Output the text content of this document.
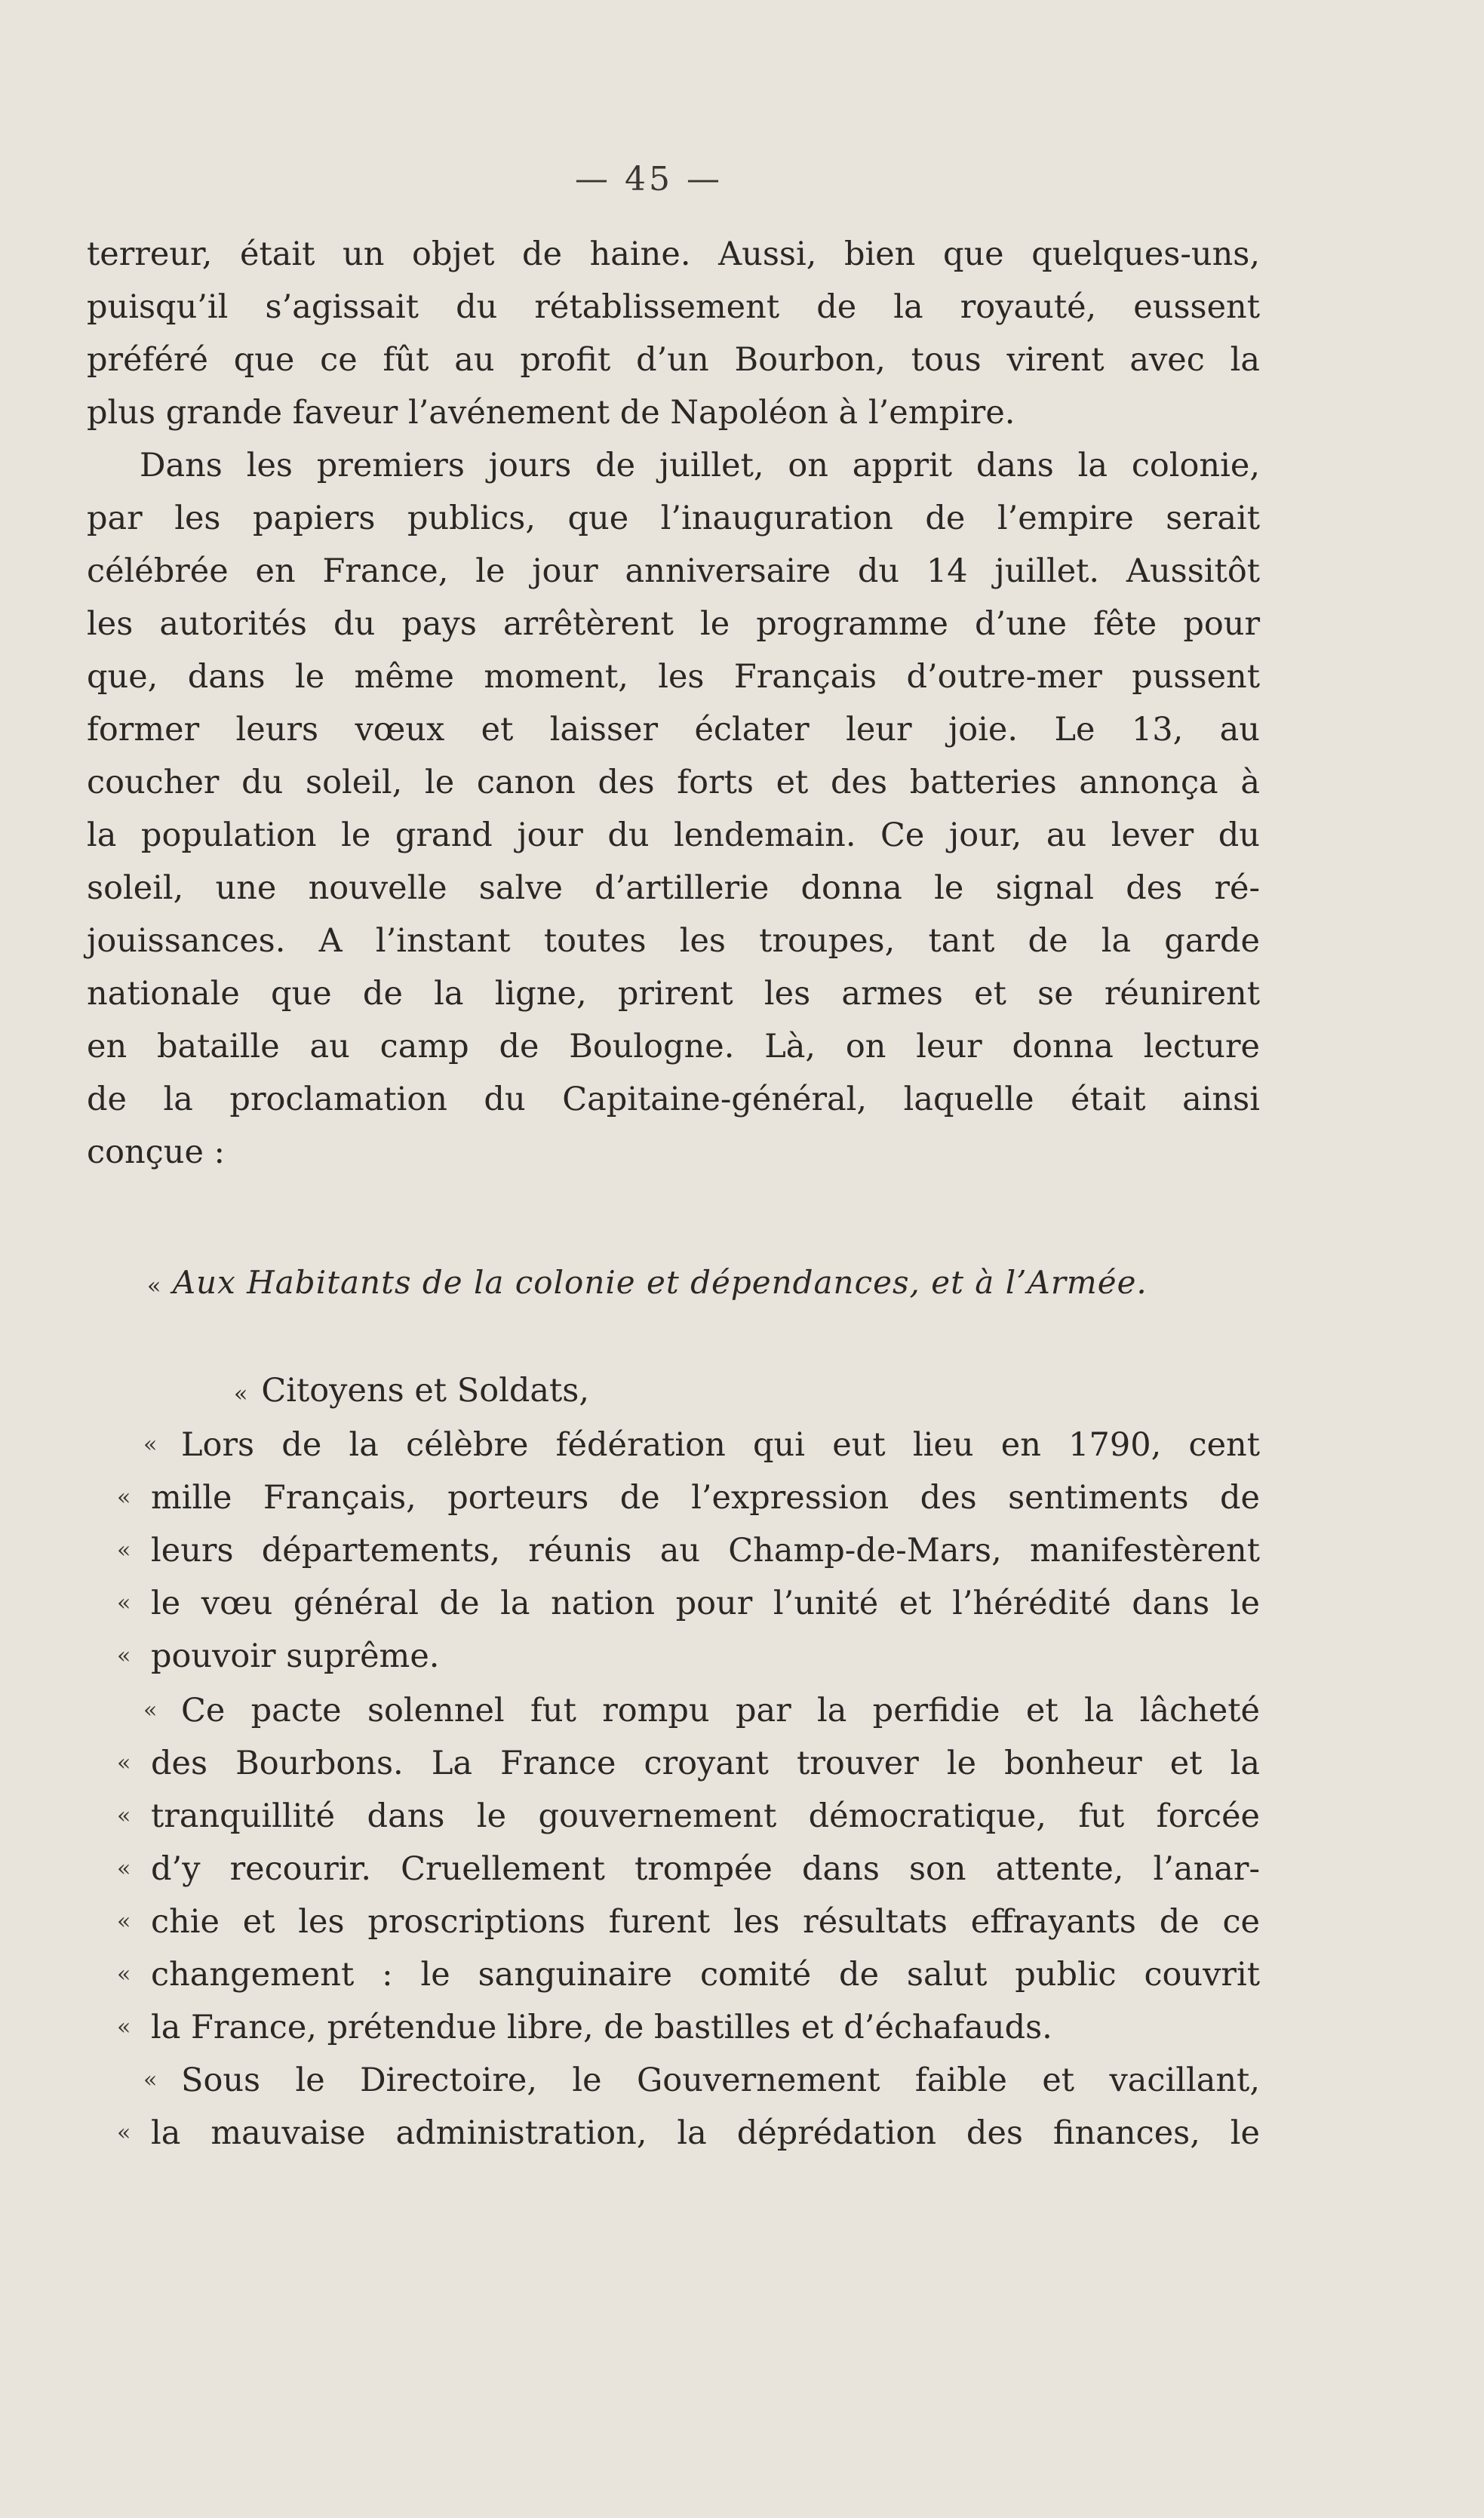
— 45 —
terreur, était un objet de haine. Aussi, bien que quelques-uns,
puisqu’il s’agissait du rétablissement de la royauté, eussent
préféré que ce fût au profit d’un Bourbon, tous virent avec la
plus grande faveur l’avénement de Napoléon à l’empire.
Dans les premiers jours de juillet, on apprit dans la colonie,
par les papiers publics, que l’inauguration de l’empire serait
célébrée en France, le jour anniversaire du 14 juillet. Aussitôt
les autorités du pays arrêtèrent le programme d’une fête pour
que, dans le même moment, les Français d’outre-mer pussent
former leurs vœux et laisser éclater leur joie. Le 13, au
coucher du soleil, le canon des forts et des batteries annonça à
la population le grand jour du lendemain. Ce jour, au lever du
soleil, une nouvelle salve d’artillerie donna le signal des ré-
jouissances. A l’instant toutes les troupes, tant de la garde
nationale que de la ligne, prirent les armes et se réunirent
en bataille au camp de Boulogne. Là, on leur donna lecture
de la proclamation du Capitaine-général, laquelle était ainsi
conçue :
« Aux Habitants de la colonie et dépendances, et à l’Armée.
« Citoyens et Soldats,
« Lors de la célèbre fédération qui eut lieu en 1790, cent
« mille Français, porteurs de l’expression des sentiments de
« leurs départements, réunis au Champ-de-Mars, manifestèrent
« le vœu général de la nation pour l’unité et l’hérédité dans le
« pouvoir suprême.
« Ce pacte solennel fut rompu par la perfidie et la lâcheté
« des Bourbons. La France croyant trouver le bonheur et la
« tranquillité dans le gouvernement démocratique, fut forcée
« d’y recourir. Cruellement trompée dans son attente, l’anar-
« chie et les proscriptions furent les résultats effrayants de ce
« changement : le sanguinaire comité de salut public couvrit
« la France, prétendue libre, de bastilles et d’échafauds.
« Sous le Directoire, le Gouvernement faible et vacillant,
« la mauvaise administration, la déprédation des finances, le
